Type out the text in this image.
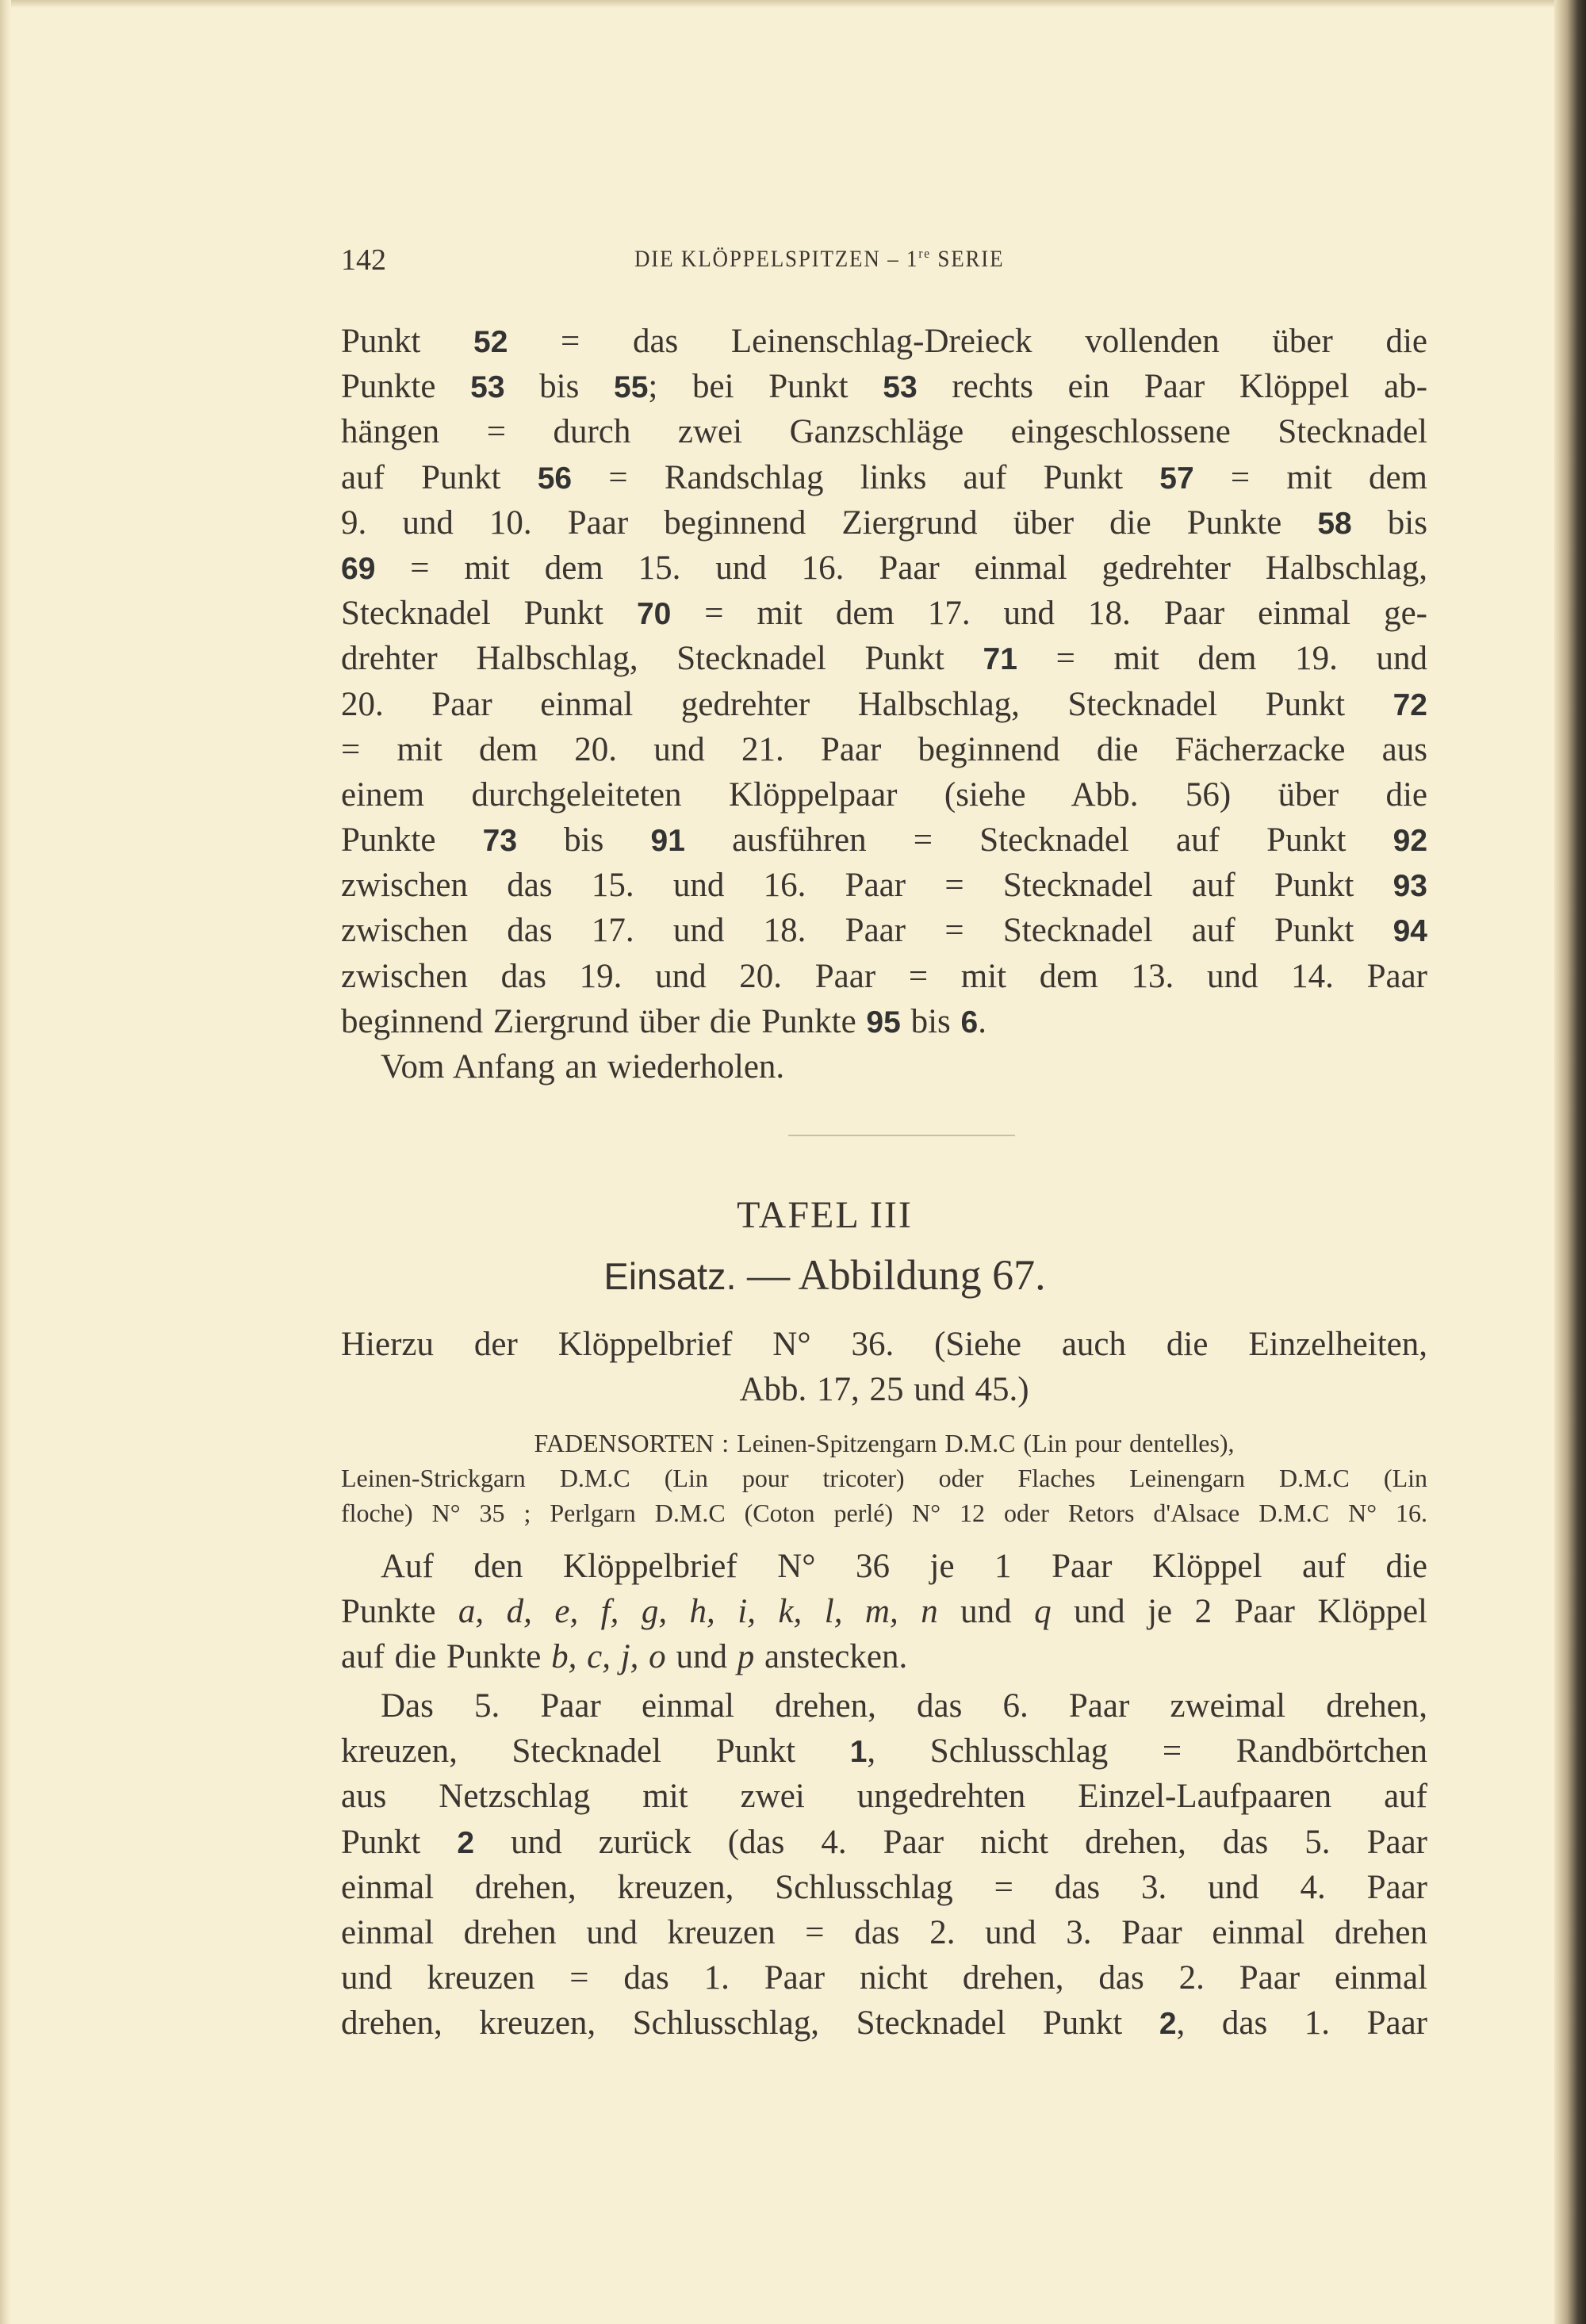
142	DIE KLÖPPELSPITZEN – 1re SERIE
Punkt 52 = das Leinenschlag-Dreieck vollenden über die
Punkte 53 bis 55; bei Punkt 53 rechts ein Paar Klöppel ab-
hängen = durch zwei Ganzschläge eingeschlossene Stecknadel
auf Punkt 56 = Randschlag links auf Punkt 57 = mit dem
9. und 10. Paar beginnend Ziergrund über die Punkte 58 bis
69 = mit dem 15. und 16. Paar einmal gedrehter Halbschlag,
Stecknadel Punkt 70 = mit dem 17. und 18. Paar einmal ge-
drehter Halbschlag, Stecknadel Punkt 71 = mit dem 19. und
20. Paar einmal gedrehter Halbschlag, Stecknadel Punkt 72
= mit dem 20. und 21. Paar beginnend die Fächerzacke aus
einem durchgeleiteten Klöppelpaar (siehe Abb. 56) über die
Punkte 73 bis 91 ausführen = Stecknadel auf Punkt 92
zwischen das 15. und 16. Paar = Stecknadel auf Punkt 93
zwischen das 17. und 18. Paar = Stecknadel auf Punkt 94
zwischen das 19. und 20. Paar = mit dem 13. und 14. Paar
beginnend Ziergrund über die Punkte 95 bis 6.
Vom Anfang an wiederholen.
TAFEL III
Einsatz. — Abbildung 67.
Hierzu der Klöppelbrief N° 36. (Siehe auch die Einzelheiten,
Abb. 17, 25 und 45.)
FADENSORTEN : Leinen-Spitzengarn D.M.C (Lin pour dentelles),
Leinen-Strickgarn D.M.C (Lin pour tricoter) oder Flaches Leinengarn D.M.C (Lin
floche) N° 35 ; Perlgarn D.M.C (Coton perlé) N° 12 oder Retors d'Alsace D.M.C N° 16.
Auf den Klöppelbrief N° 36 je 1 Paar Klöppel auf die
Punkte a, d, e, f, g, h, i, k, l, m, n und q und je 2 Paar Klöppel
auf die Punkte b, c, j, o und p anstecken.
Das 5. Paar einmal drehen, das 6. Paar zweimal drehen,
kreuzen, Stecknadel Punkt 1, Schlusschlag = Randbörtchen
aus Netzschlag mit zwei ungedrehten Einzel-Laufpaaren auf
Punkt 2 und zurück (das 4. Paar nicht drehen, das 5. Paar
einmal drehen, kreuzen, Schlusschlag = das 3. und 4. Paar
einmal drehen und kreuzen = das 2. und 3. Paar einmal drehen
und kreuzen = das 1. Paar nicht drehen, das 2. Paar einmal
drehen, kreuzen, Schlusschlag, Stecknadel Punkt 2, das 1. Paar
